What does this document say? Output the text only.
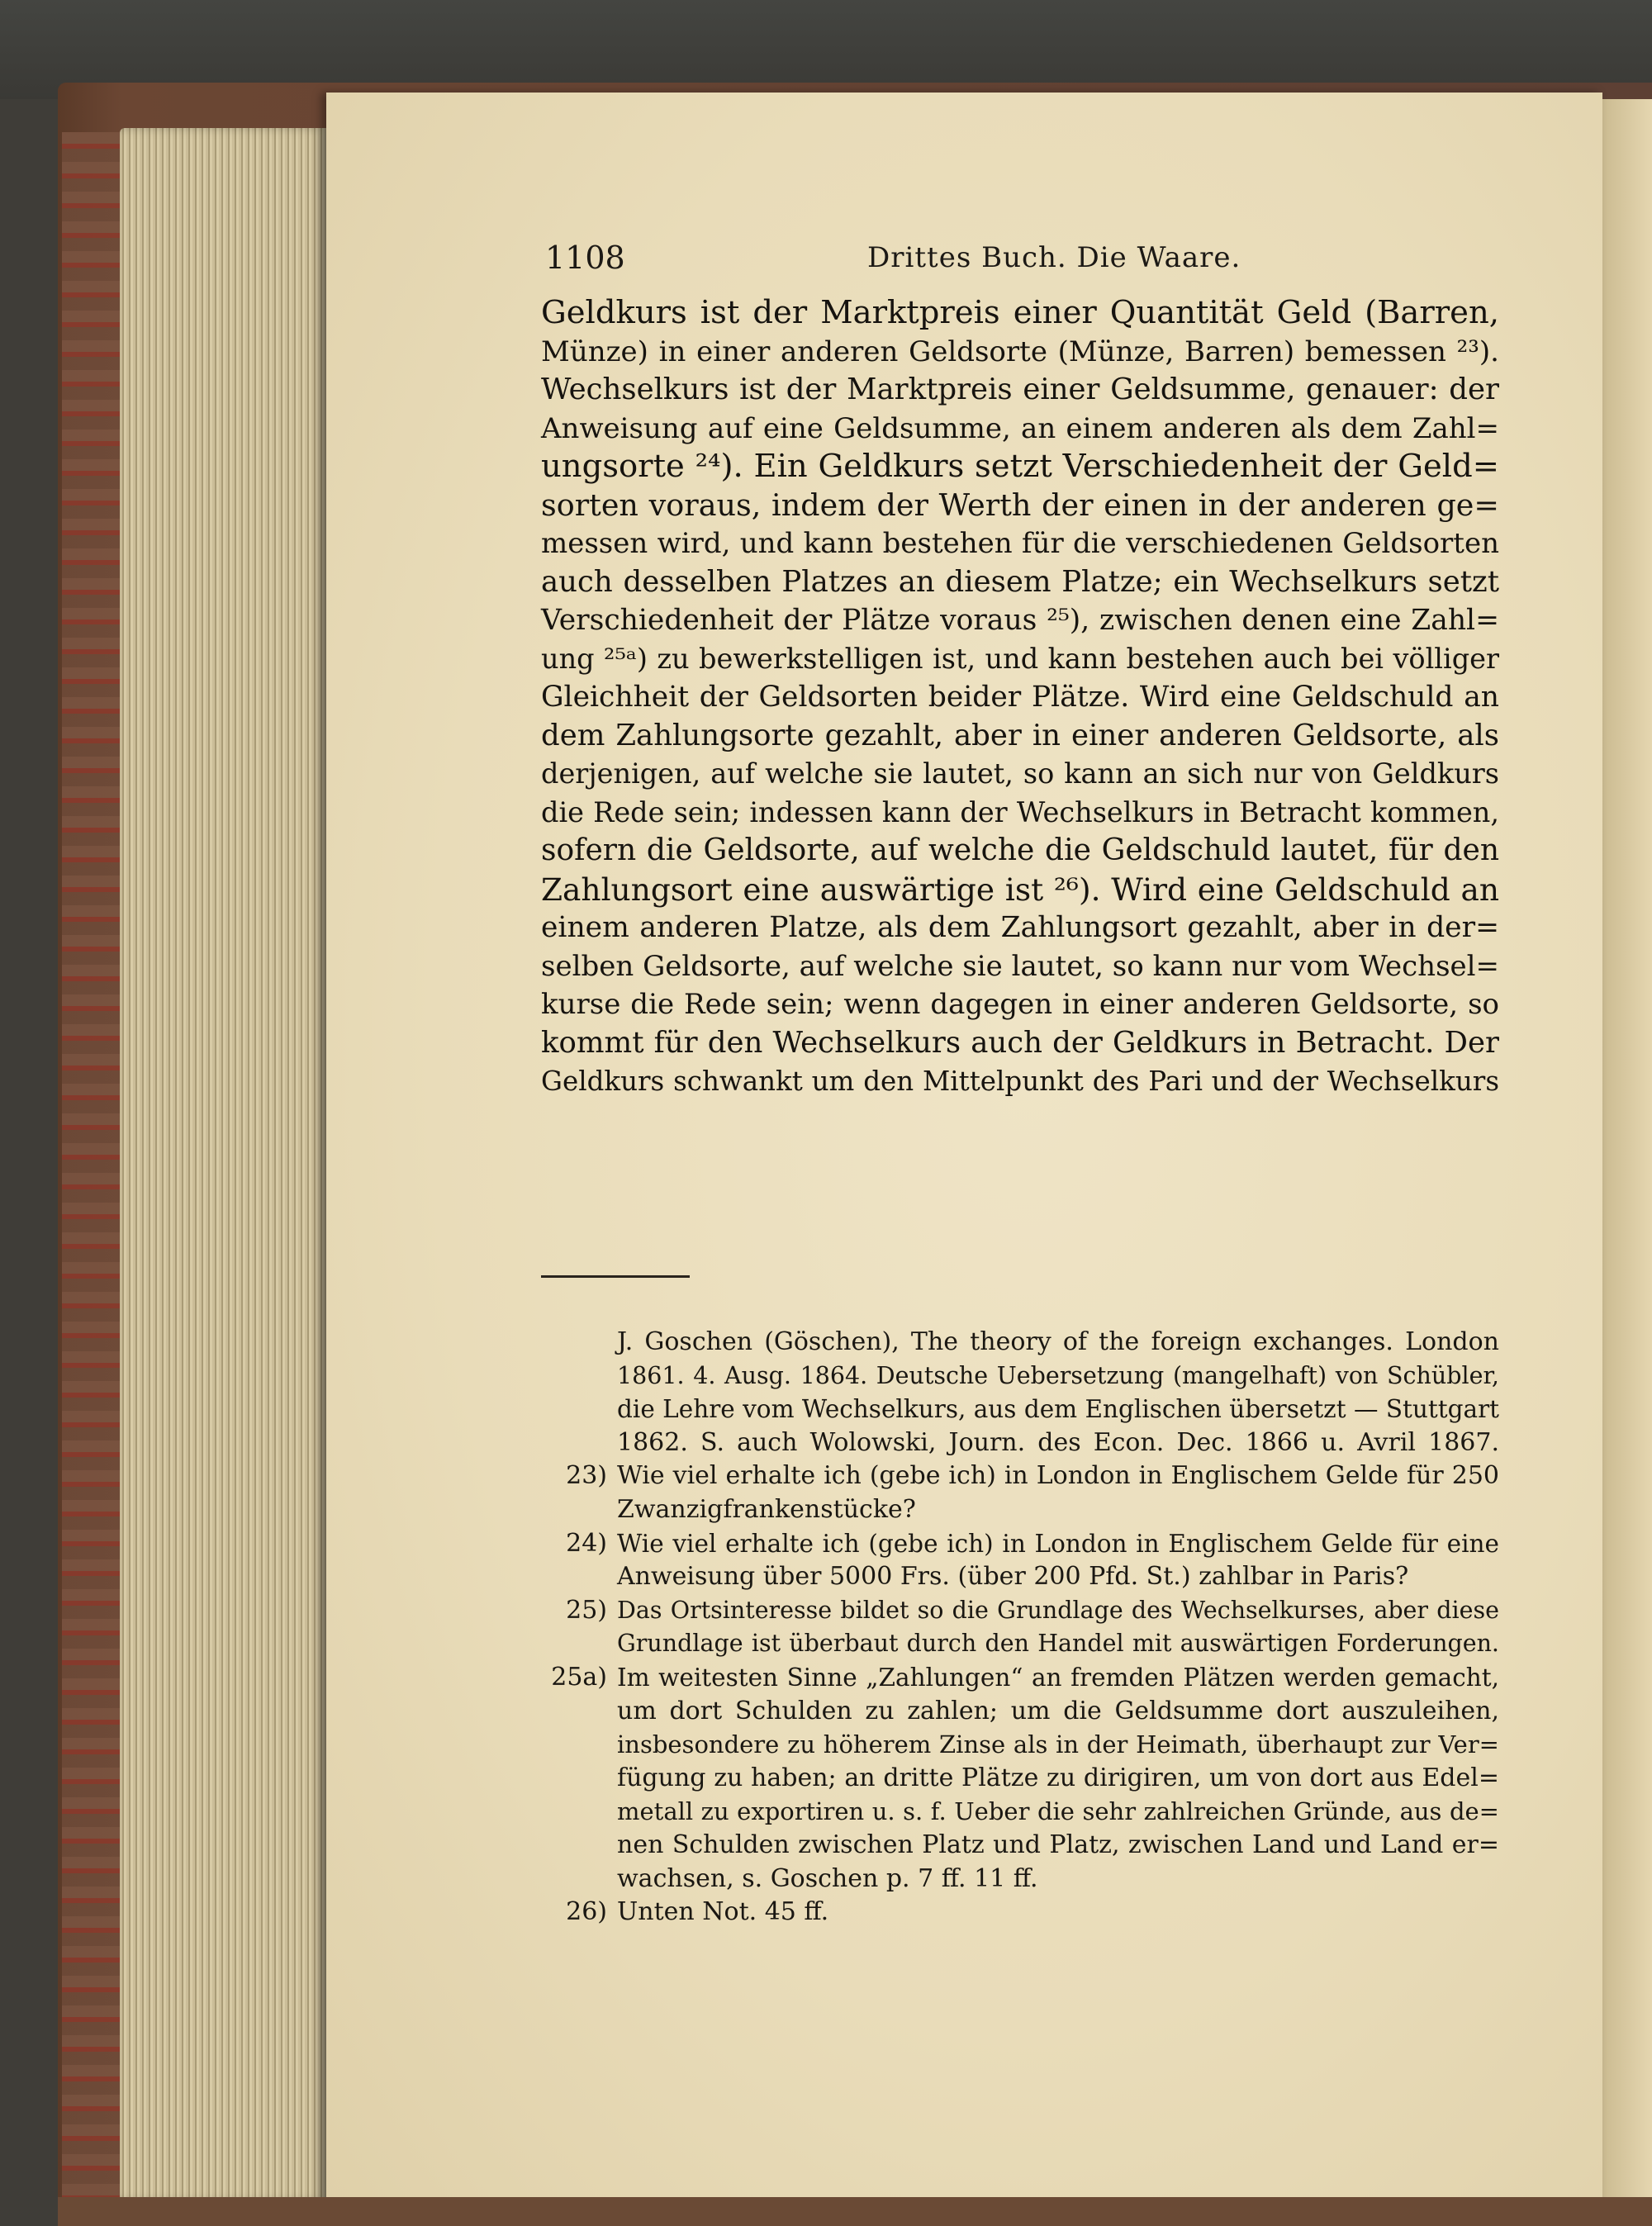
1108	Drittes Buch. Die Waare.
Geldkurs ist der Marktpreis einer Quantität Geld (Barren,
Münze) in einer anderen Geldsorte (Münze, Barren) bemessen ²³).
Wechselkurs ist der Marktpreis einer Geldsumme, genauer: der
Anweisung auf eine Geldsumme, an einem anderen als dem Zahl=
ungsorte ²⁴). Ein Geldkurs setzt Verschiedenheit der Geld=
sorten voraus, indem der Werth der einen in der anderen ge=
messen wird, und kann bestehen für die verschiedenen Geldsorten
auch desselben Platzes an diesem Platze; ein Wechselkurs setzt
Verschiedenheit der Plätze voraus ²⁵), zwischen denen eine Zahl=
ung ²⁵ᵃ) zu bewerkstelligen ist, und kann bestehen auch bei völliger
Gleichheit der Geldsorten beider Plätze. Wird eine Geldschuld an
dem Zahlungsorte gezahlt, aber in einer anderen Geldsorte, als
derjenigen, auf welche sie lautet, so kann an sich nur von Geldkurs
die Rede sein; indessen kann der Wechselkurs in Betracht kommen,
sofern die Geldsorte, auf welche die Geldschuld lautet, für den
Zahlungsort eine auswärtige ist ²⁶). Wird eine Geldschuld an
einem anderen Platze, als dem Zahlungsort gezahlt, aber in der=
selben Geldsorte, auf welche sie lautet, so kann nur vom Wechsel=
kurse die Rede sein; wenn dagegen in einer anderen Geldsorte, so
kommt für den Wechselkurs auch der Geldkurs in Betracht. Der
Geldkurs schwankt um den Mittelpunkt des Pari und der Wechselkurs
J. Goschen (Göschen), The theory of the foreign exchanges. London
1861. 4. Ausg. 1864. Deutsche Uebersetzung (mangelhaft) von Schübler,
die Lehre vom Wechselkurs, aus dem Englischen übersetzt — Stuttgart
1862. S. auch Wolowski, Journ. des Econ. Dec. 1866 u. Avril 1867.
23) Wie viel erhalte ich (gebe ich) in London in Englischem Gelde für 250
Zwanzigfrankenstücke?
24) Wie viel erhalte ich (gebe ich) in London in Englischem Gelde für eine
Anweisung über 5000 Frs. (über 200 Pfd. St.) zahlbar in Paris?
25) Das Ortsinteresse bildet so die Grundlage des Wechselkurses, aber diese
Grundlage ist überbaut durch den Handel mit auswärtigen Forderungen.
25a) Im weitesten Sinne „Zahlungen“ an fremden Plätzen werden gemacht,
um dort Schulden zu zahlen; um die Geldsumme dort auszuleihen,
insbesondere zu höherem Zinse als in der Heimath, überhaupt zur Ver=
fügung zu haben; an dritte Plätze zu dirigiren, um von dort aus Edel=
metall zu exportiren u. s. f. Ueber die sehr zahlreichen Gründe, aus de=
nen Schulden zwischen Platz und Platz, zwischen Land und Land er=
wachsen, s. Goschen p. 7 ff. 11 ff.
26) Unten Not. 45 ff.
